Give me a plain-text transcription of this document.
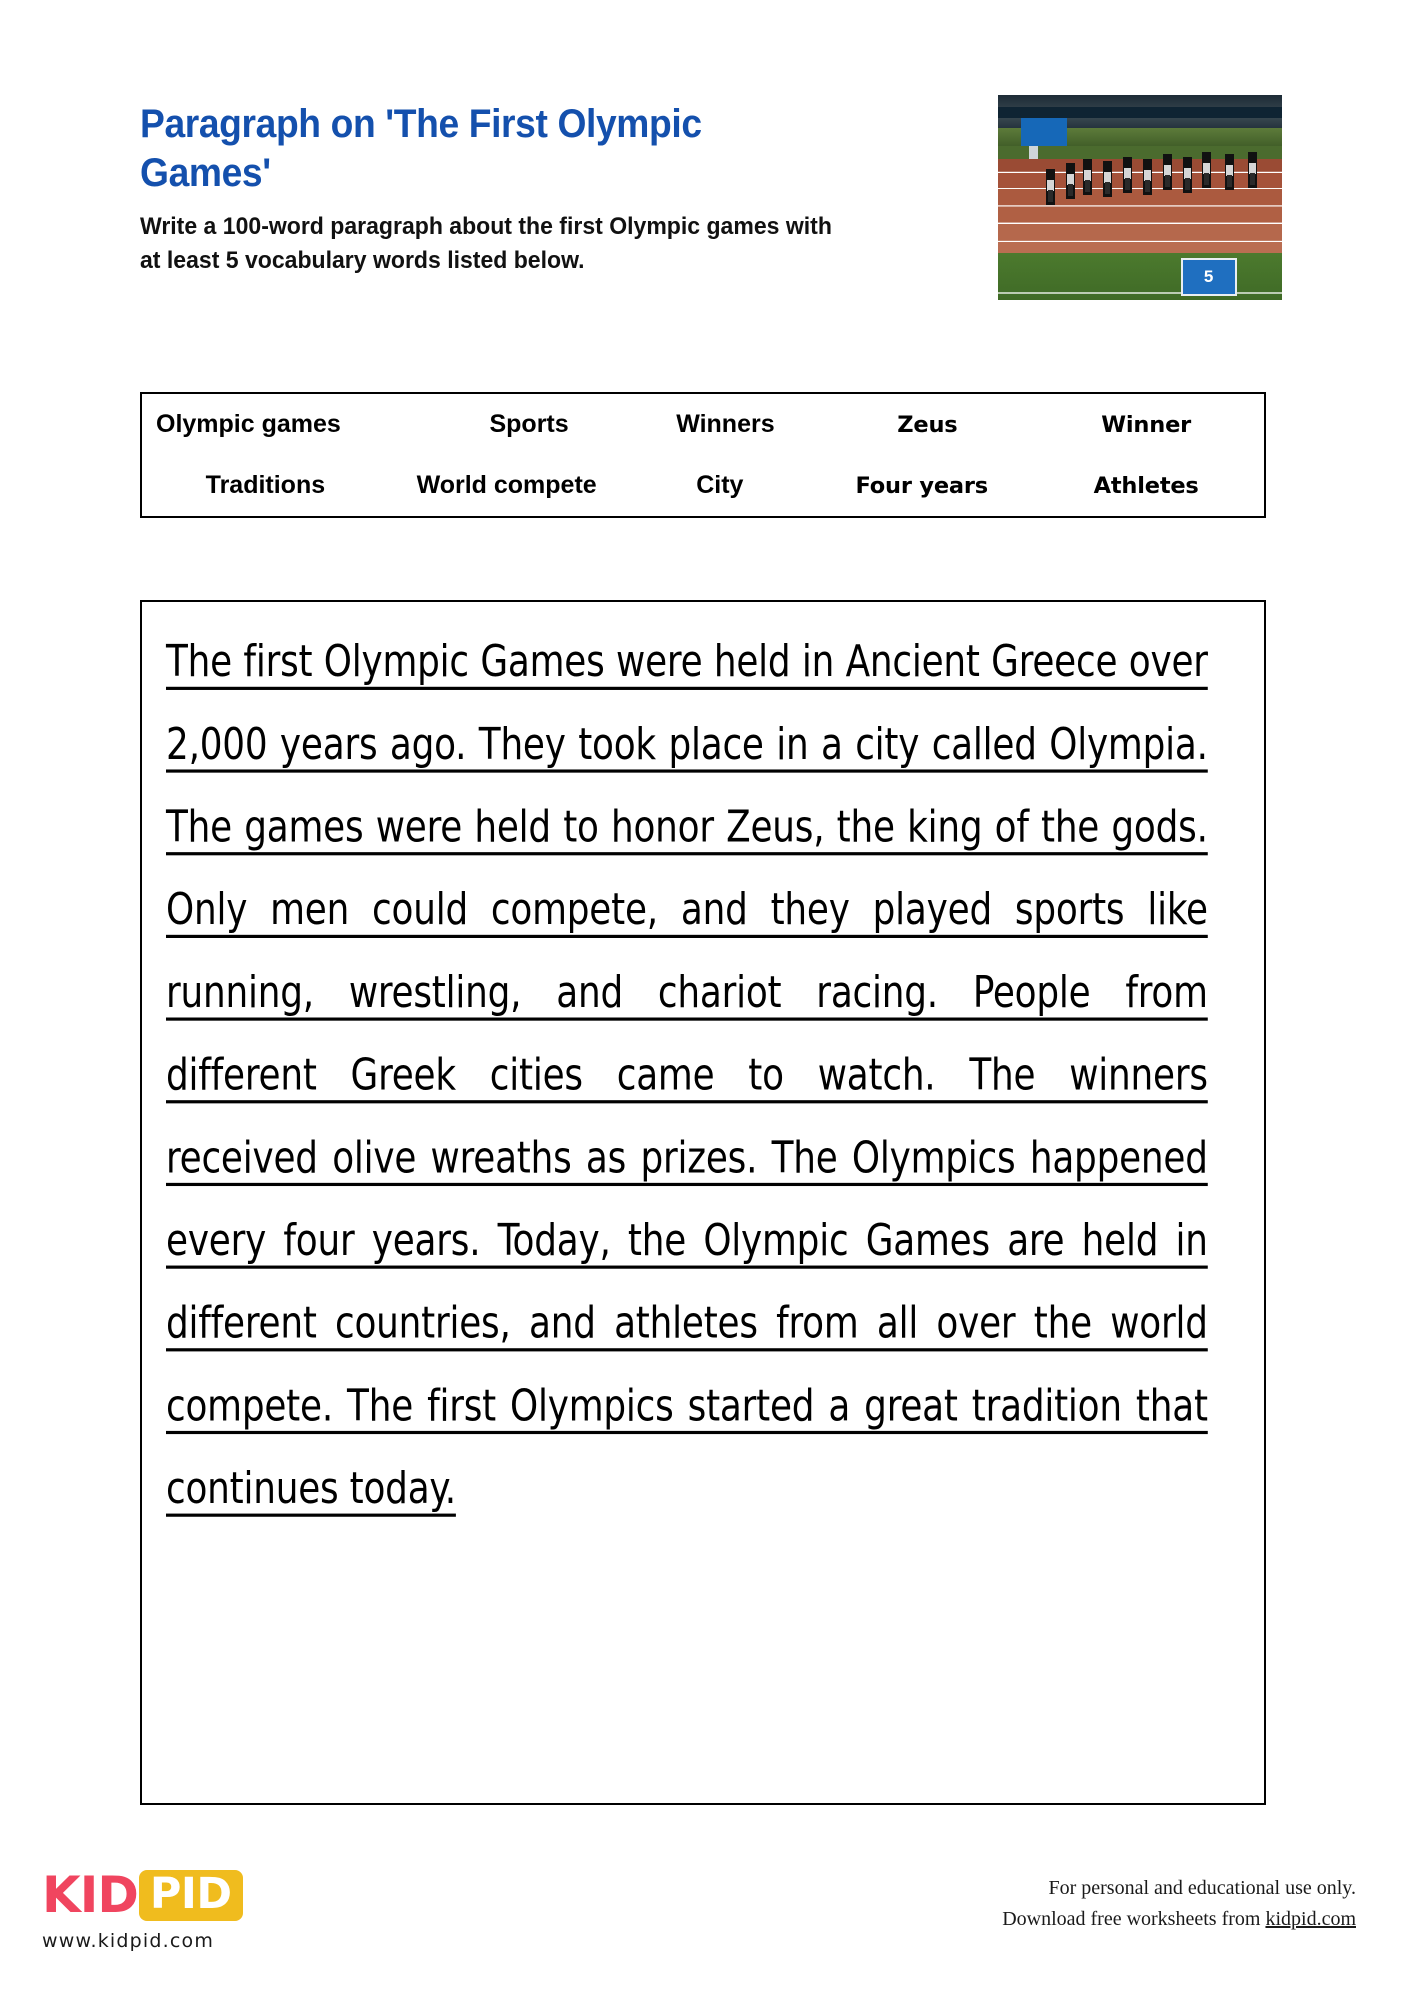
Paragraph on 'The First Olympic Games'

Write a 100-word paragraph about the first Olympic games with at least 5 vocabulary words listed below.

5
Olympic games	Sports	Winners	Zeus	Winner
Traditions	World compete	City	Four years	Athletes

The first Olympic Games were held in Ancient Greece over 2,000 years ago. They took place in a city called Olympia. The games were held to honor Zeus, the king of the gods. Only men could compete, and they played sports like running, wrestling, and chariot racing. People from different Greek cities came to watch. The winners received olive wreaths as prizes. The Olympics happened every four years. Today, the Olympic Games are held in different countries, and athletes from all over the world compete. The first Olympics started a great tradition that continues today.

KID PID
www.kidpid.com
For personal and educational use only.
Download free worksheets from kidpid.com
